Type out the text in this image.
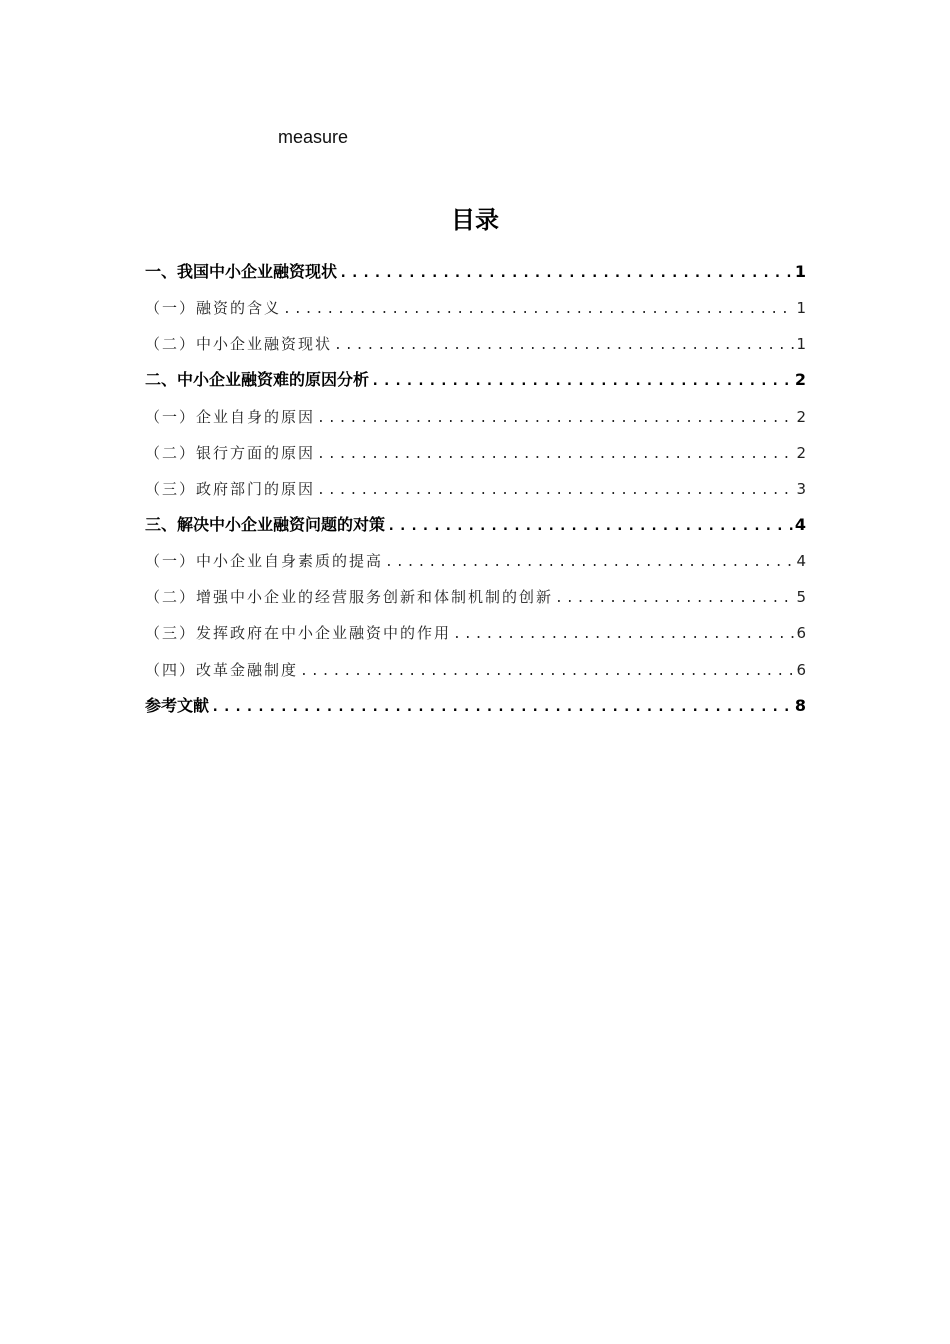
measure
目录
一、我国中小企业融资现状 .....	1
（一）融资的含义 .....	1
（二）中小企业融资现状 .....	1
二、中小企业融资难的原因分析 .....	2
（一）企业自身的原因 .....	2
（二）银行方面的原因 .....	2
（三）政府部门的原因 .....	3
三、解决中小企业融资问题的对策 .....	4
（一）中小企业自身素质的提高 .....	4
（二）增强中小企业的经营服务创新和体制机制的创新 .....	5
（三）发挥政府在中小企业融资中的作用 .....	6
（四）改革金融制度 .....	6
参考文献 .....	8
